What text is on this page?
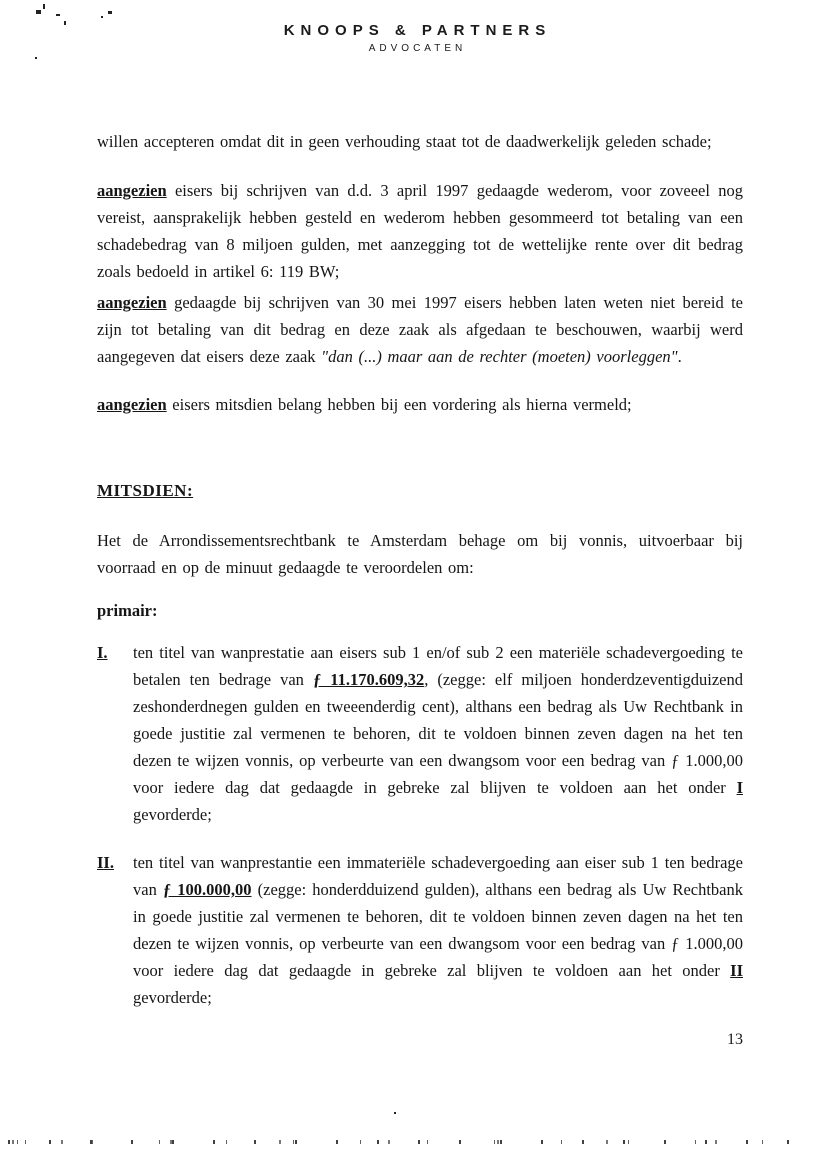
KNOOPS & PARTNERS
ADVOCATEN

willen accepteren omdat dit in geen verhouding staat tot de daadwerkelijk geleden schade;

aangezien eisers bij schrijven van d.d. 3 april 1997 gedaagde wederom, voor zoveeel nog vereist, aansprakelijk hebben gesteld en wederom hebben gesommeerd tot betaling van een schadebedrag van 8 miljoen gulden, met aanzegging tot de wettelijke rente over dit bedrag zoals bedoeld in artikel 6: 119 BW;

aangezien gedaagde bij schrijven van 30 mei 1997 eisers hebben laten weten niet bereid te zijn tot betaling van dit bedrag en deze zaak als afgedaan te beschouwen, waarbij werd aangegeven dat eisers deze zaak "dan (...) maar aan de rechter (moeten) voorleggen".

aangezien eisers mitsdien belang hebben bij een vordering als hierna vermeld;

MITSDIEN:

Het de Arrondissementsrechtbank te Amsterdam behage om bij vonnis, uitvoerbaar bij voorraad en op de minuut gedaagde te veroordelen om:

primair:

I.	ten titel van wanprestatie aan eisers sub 1 en/of sub 2 een materiële schadevergoeding te betalen ten bedrage van ƒ 11.170.609,32, (zegge: elf miljoen honderdzeventigduizend zeshonderdnegen gulden en tweeenderdig cent), althans een bedrag als Uw Rechtbank in goede justitie zal vermenen te behoren, dit te voldoen binnen zeven dagen na het ten dezen te wijzen vonnis, op verbeurte van een dwangsom voor een bedrag van ƒ 1.000,00 voor iedere dag dat gedaagde in gebreke zal blijven te voldoen aan het onder I gevorderde;
II.	ten titel van wanprestantie een immateriële schadevergoeding aan eiser sub 1 ten bedrage van ƒ 100.000,00 (zegge: honderdduizend gulden), althans een bedrag als Uw Rechtbank in goede justitie zal vermenen te behoren, dit te voldoen binnen zeven dagen na het ten dezen te wijzen vonnis, op verbeurte van een dwangsom voor een bedrag van ƒ 1.000,00 voor iedere dag dat gedaagde in gebreke zal blijven te voldoen aan het onder II gevorderde;
13
